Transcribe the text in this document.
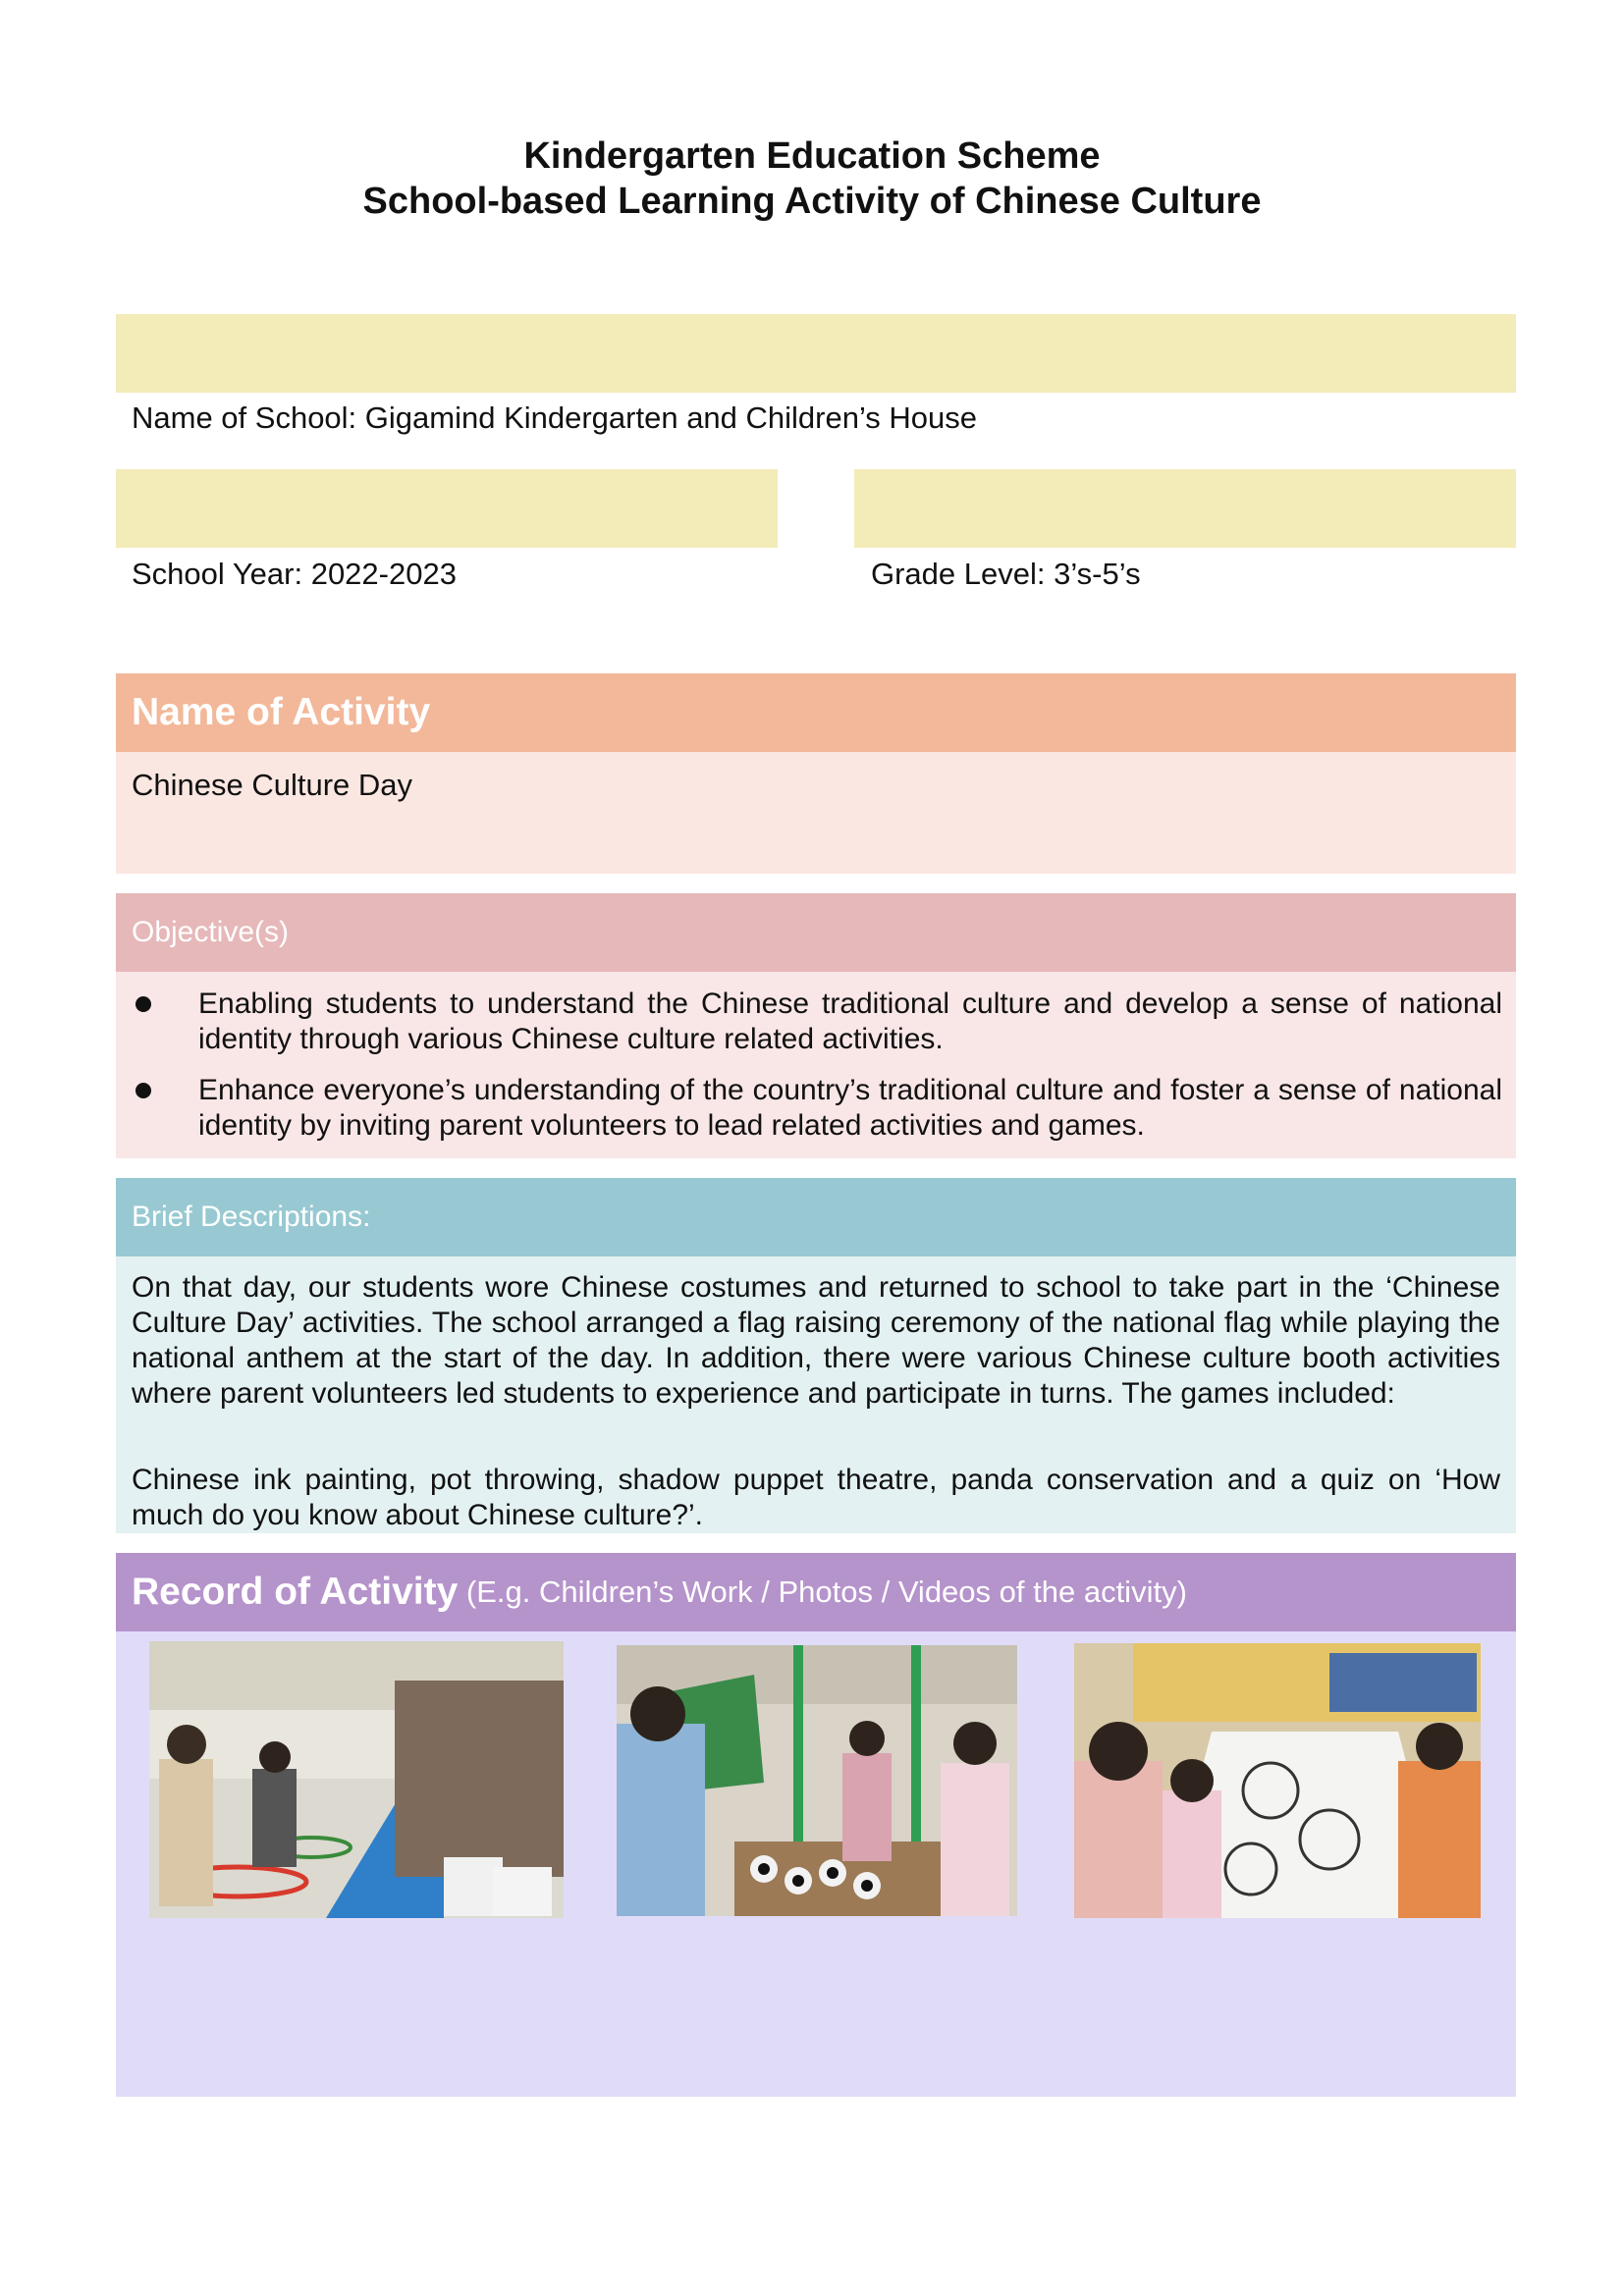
Kindergarten Education Scheme
School-based Learning Activity of Chinese Culture
Name of School: Gigamind Kindergarten and Children’s House
School Year: 2022-2023	Grade Level: 3’s-5’s
Name of Activity
Chinese Culture Day
Objective(s)
Enabling students to understand the Chinese traditional culture and develop a sense of national identity through various Chinese culture related activities.
Enhance everyone’s understanding of the country’s traditional culture and foster a sense of national identity by inviting parent volunteers to lead related activities and games.
Brief Descriptions:
On that day, our students wore Chinese costumes and returned to school to take part in the ‘Chinese Culture Day’ activities. The school arranged a flag raising ceremony of the national flag while playing the national anthem at the start of the day. In addition, there were various Chinese culture booth activities where parent volunteers led students to experience and participate in turns. The games included:
Chinese ink painting, pot throwing, shadow puppet theatre, panda conservation and a quiz on ‘How much do you know about Chinese culture?’.
Record of Activity (E.g. Children’s Work / Photos / Videos of the activity)
